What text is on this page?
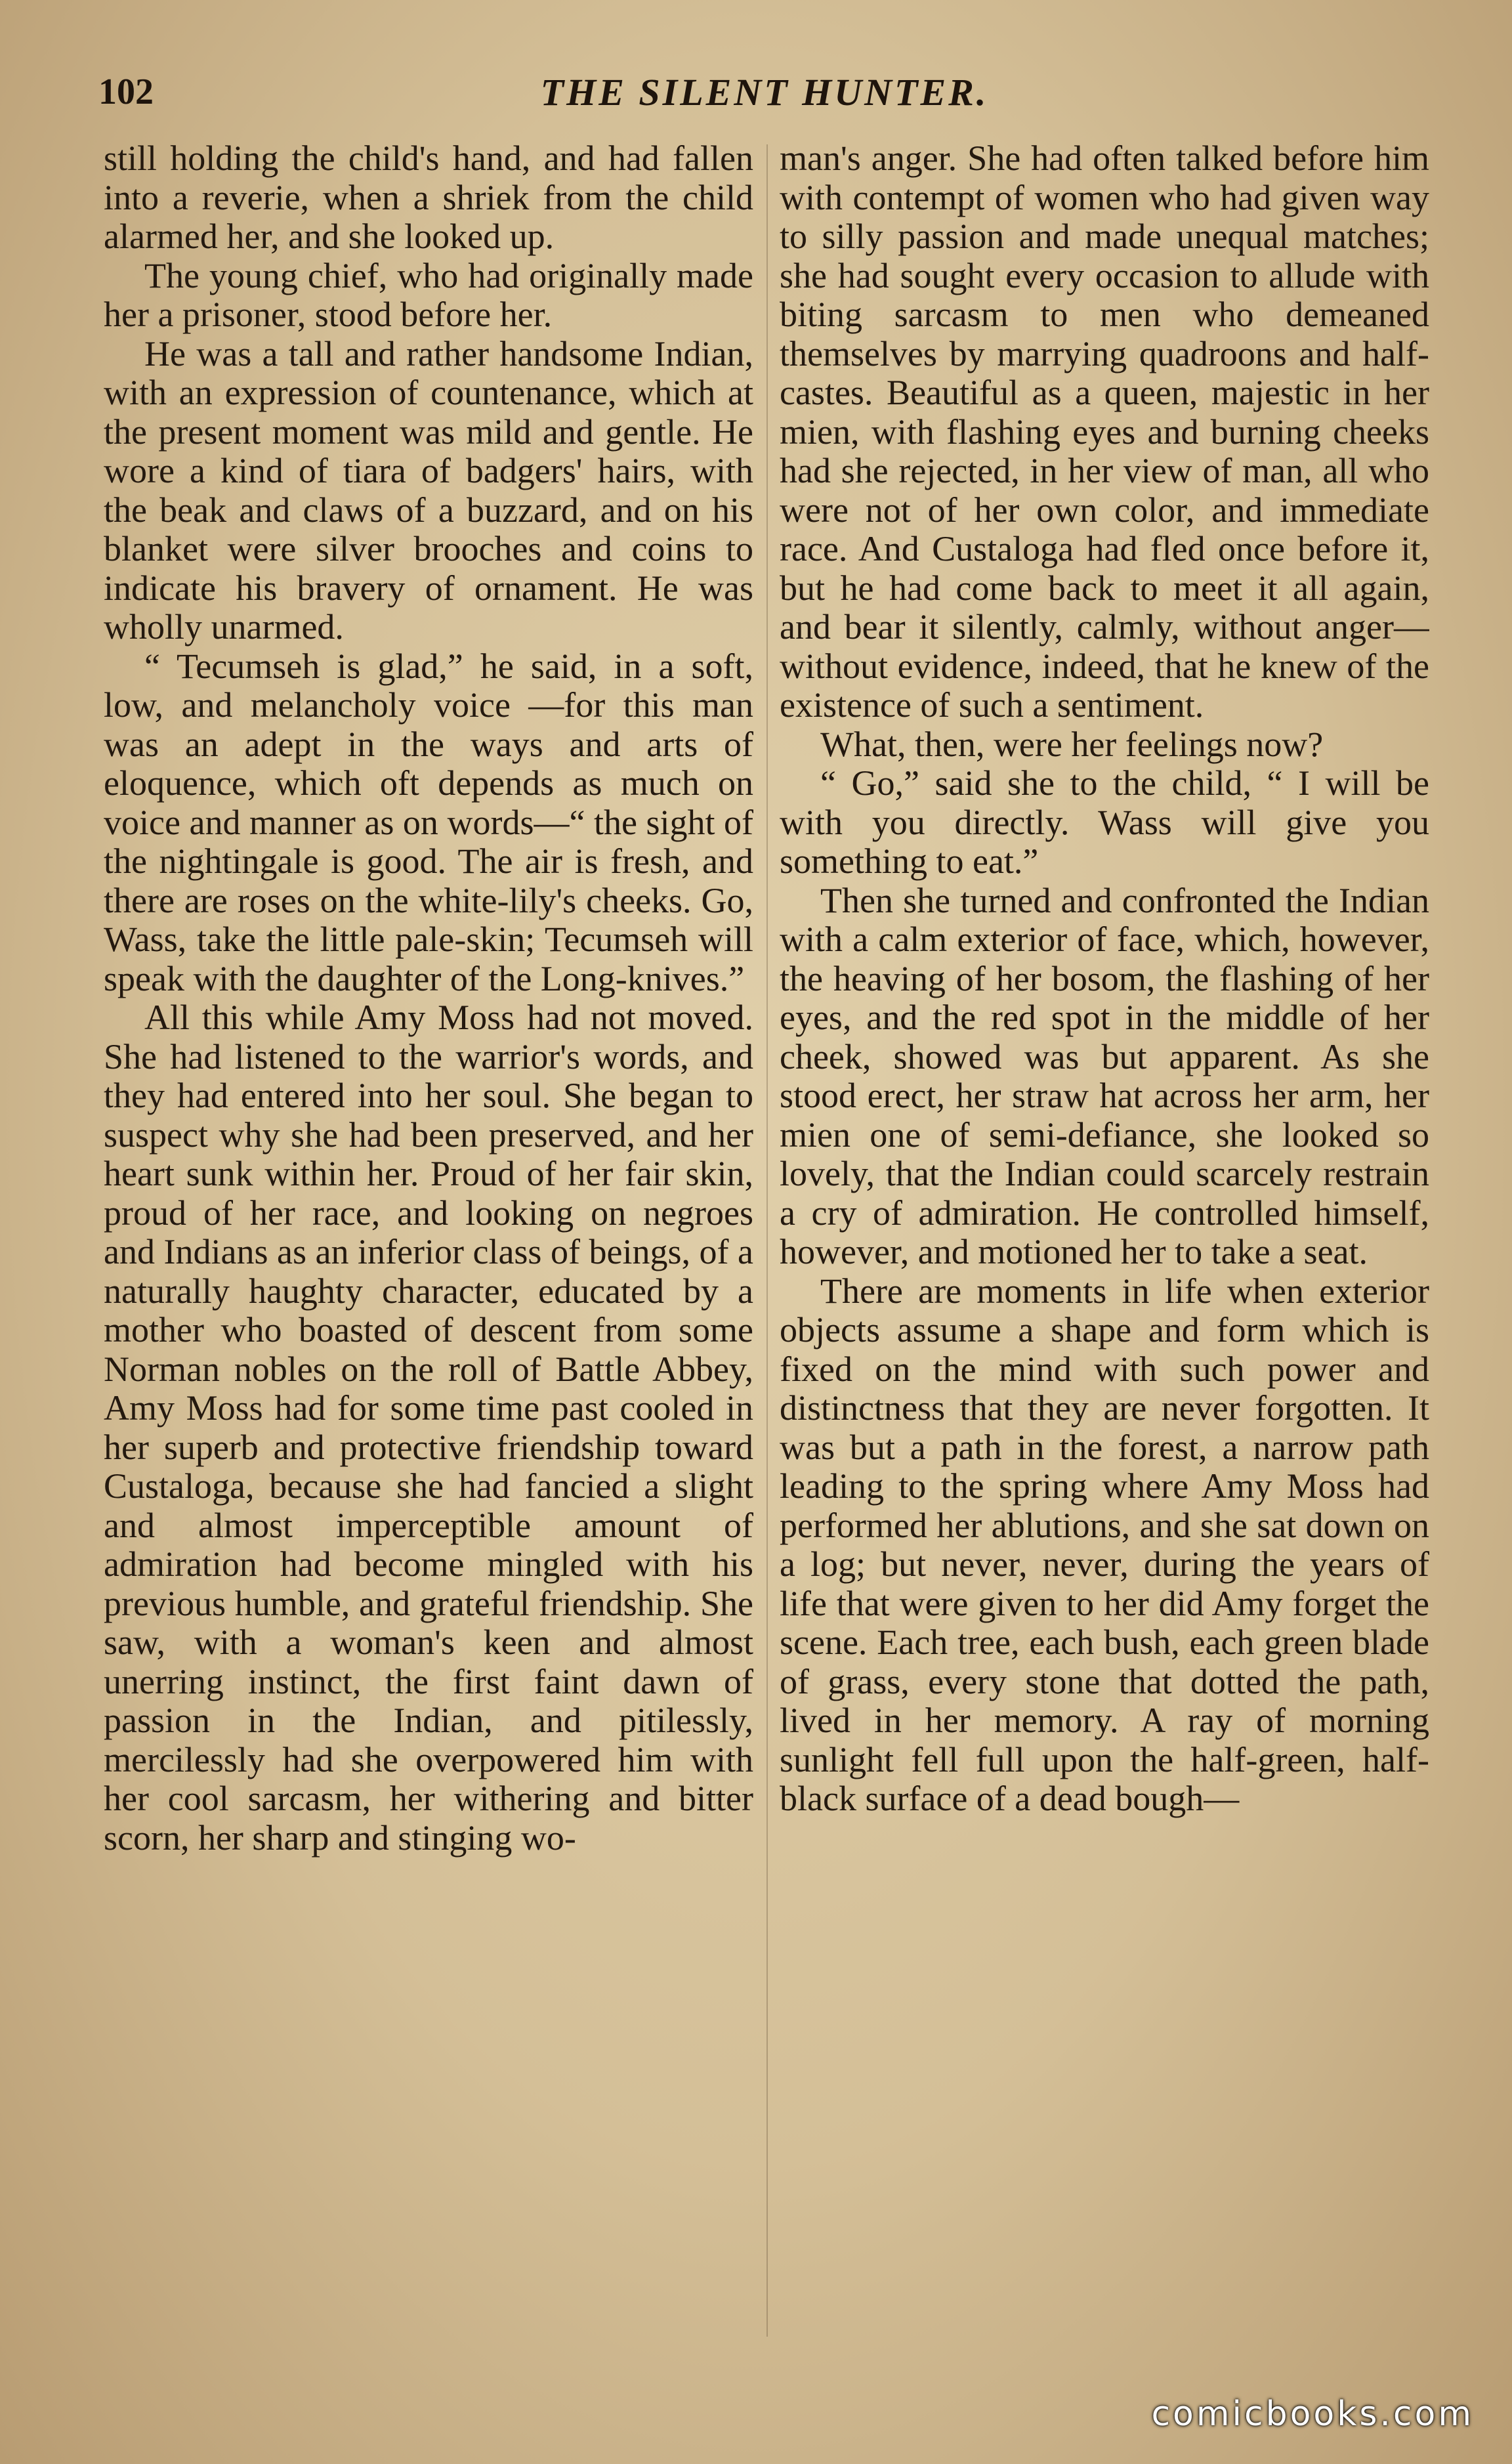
102	THE SILENT HUNTER.

still holding the child's hand, and had fallen into a reverie, when a shriek from the child alarmed her, and she looked up.

The young chief, who had originally made her a prisoner, stood before her.

He was a tall and rather handsome Indian, with an expression of countenance, which at the present moment was mild and gentle. He wore a kind of tiara of badgers' hairs, with the beak and claws of a buzzard, and on his blanket were silver brooches and coins to indicate his bravery of ornament. He was wholly unarmed.

“ Tecumseh is glad,” he said, in a soft, low, and melancholy voice —for this man was an adept in the ways and arts of eloquence, which oft depends as much on voice and manner as on words—“ the sight of the nightingale is good. The air is fresh, and there are roses on the white-lily's cheeks. Go, Wass, take the little pale-skin; Tecumseh will speak with the daughter of the Long-knives.”

All this while Amy Moss had not moved. She had listened to the warrior's words, and they had entered into her soul. She began to suspect why she had been preserved, and her heart sunk within her. Proud of her fair skin, proud of her race, and looking on negroes and Indians as an inferior class of beings, of a naturally haughty character, educated by a mother who boasted of descent from some Norman nobles on the roll of Battle Abbey, Amy Moss had for some time past cooled in her superb and protective friendship toward Custaloga, because she had fancied a slight and almost imperceptible amount of admiration had become mingled with his previous humble, and grateful friendship. She saw, with a woman's keen and almost unerring instinct, the first faint dawn of passion in the Indian, and pitilessly, mercilessly had she overpowered him with her cool sarcasm, her withering and bitter scorn, her sharp and stinging wo-

man's anger. She had often talked before him with contempt of women who had given way to silly passion and made unequal matches; she had sought every occasion to allude with biting sarcasm to men who demeaned themselves by marrying quadroons and half-castes. Beautiful as a queen, majestic in her mien, with flashing eyes and burning cheeks had she rejected, in her view of man, all who were not of her own color, and immediate race. And Custaloga had fled once before it, but he had come back to meet it all again, and bear it silently, calmly, without anger—without evidence, indeed, that he knew of the existence of such a sentiment.

What, then, were her feelings now?

“ Go,” said she to the child, “ I will be with you directly. Wass will give you something to eat.”

Then she turned and confronted the Indian with a calm exterior of face, which, however, the heaving of her bosom, the flashing of her eyes, and the red spot in the middle of her cheek, showed was but apparent. As she stood erect, her straw hat across her arm, her mien one of semi-defiance, she looked so lovely, that the Indian could scarcely restrain a cry of admiration. He controlled himself, however, and motioned her to take a seat.

There are moments in life when exterior objects assume a shape and form which is fixed on the mind with such power and distinctness that they are never forgotten. It was but a path in the forest, a narrow path leading to the spring where Amy Moss had performed her ablutions, and she sat down on a log; but never, never, during the years of life that were given to her did Amy forget the scene. Each tree, each bush, each green blade of grass, every stone that dotted the path, lived in her memory. A ray of morning sunlight fell full upon the half-green, half-black surface of a dead bough—

comicbooks.com
